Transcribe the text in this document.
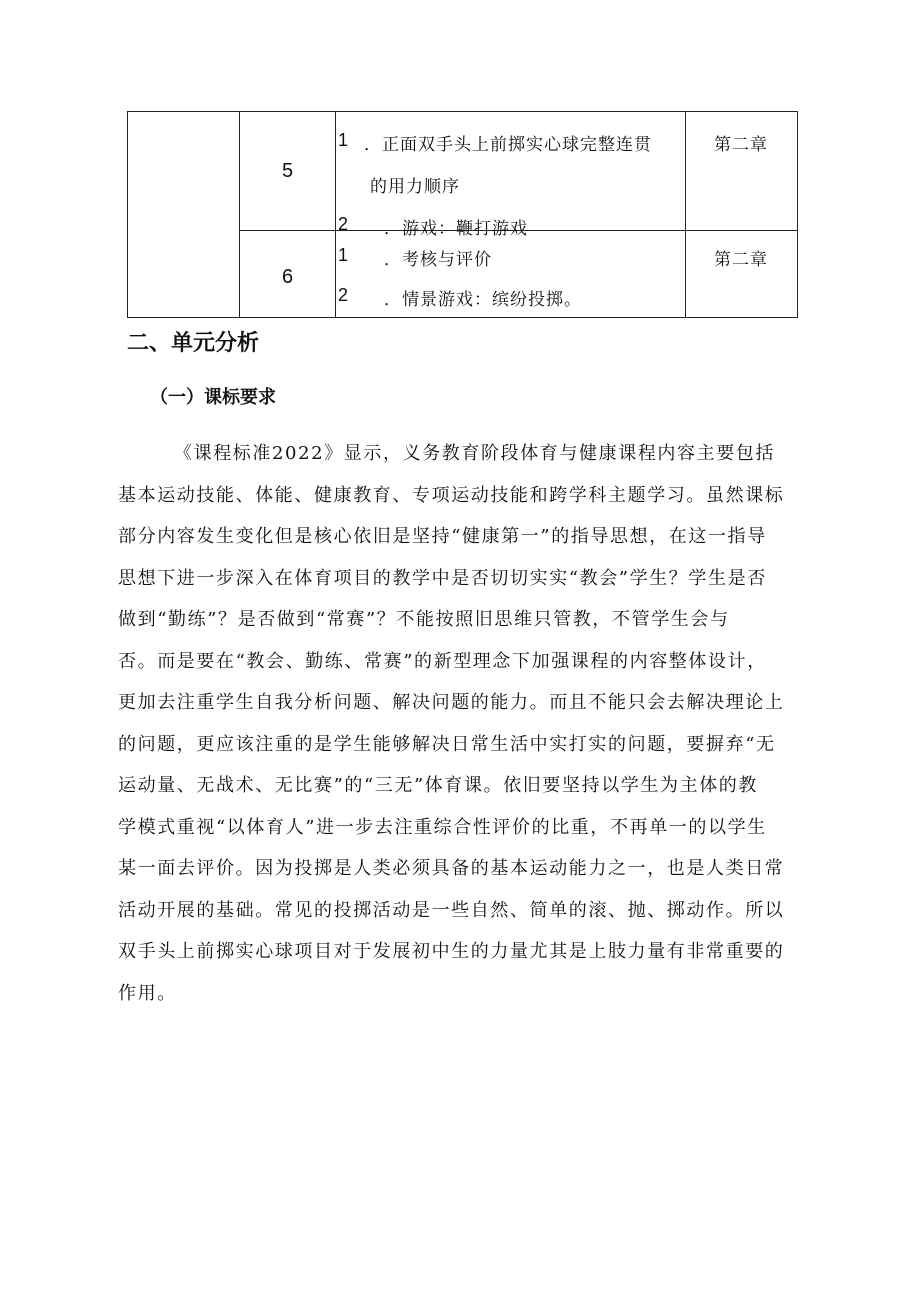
5
1 ．正面双手头上前掷实心球完整连贯
的用力顺序
2 ．游戏：鞭打游戏
第二章
6
1 ．考核与评价
2 ．情景游戏：缤纷投掷。
第二章
二、单元分析
（一）课标要求
《课程标准2022》显示，义务教育阶段体育与健康课程内容主要包括
基本运动技能、体能、健康教育、专项运动技能和跨学科主题学习。虽然课标
部分内容发生变化但是核心依旧是坚持“健康第一”的指导思想，在这一指导
思想下进一步深入在体育项目的教学中是否切切实实“教会”学生？学生是否
做到“勤练”？是否做到“常赛”？不能按照旧思维只管教，不管学生会与
否。而是要在“教会、勤练、常赛”的新型理念下加强课程的内容整体设计，
更加去注重学生自我分析问题、解决问题的能力。而且不能只会去解决理论上
的问题，更应该注重的是学生能够解决日常生活中实打实的问题，要摒弃“无
运动量、无战术、无比赛”的“三无”体育课。依旧要坚持以学生为主体的教
学模式重视“以体育人”进一步去注重综合性评价的比重，不再单一的以学生
某一面去评价。因为投掷是人类必须具备的基本运动能力之一，也是人类日常
活动开展的基础。常见的投掷活动是一些自然、简单的滚、抛、掷动作。所以
双手头上前掷实心球项目对于发展初中生的力量尤其是上肢力量有非常重要的
作用。
